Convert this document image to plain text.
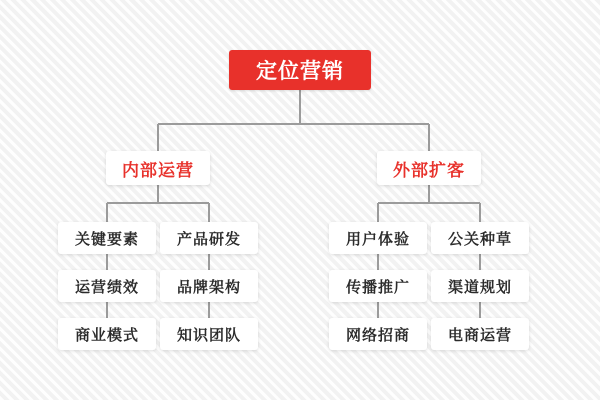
定位营销
内部运营	外部扩客
关键要素
运营绩效
商业模式
产品研发
品牌架构
知识团队
用户体验
传播推广
网络招商
公关种草
渠道规划
电商运营
